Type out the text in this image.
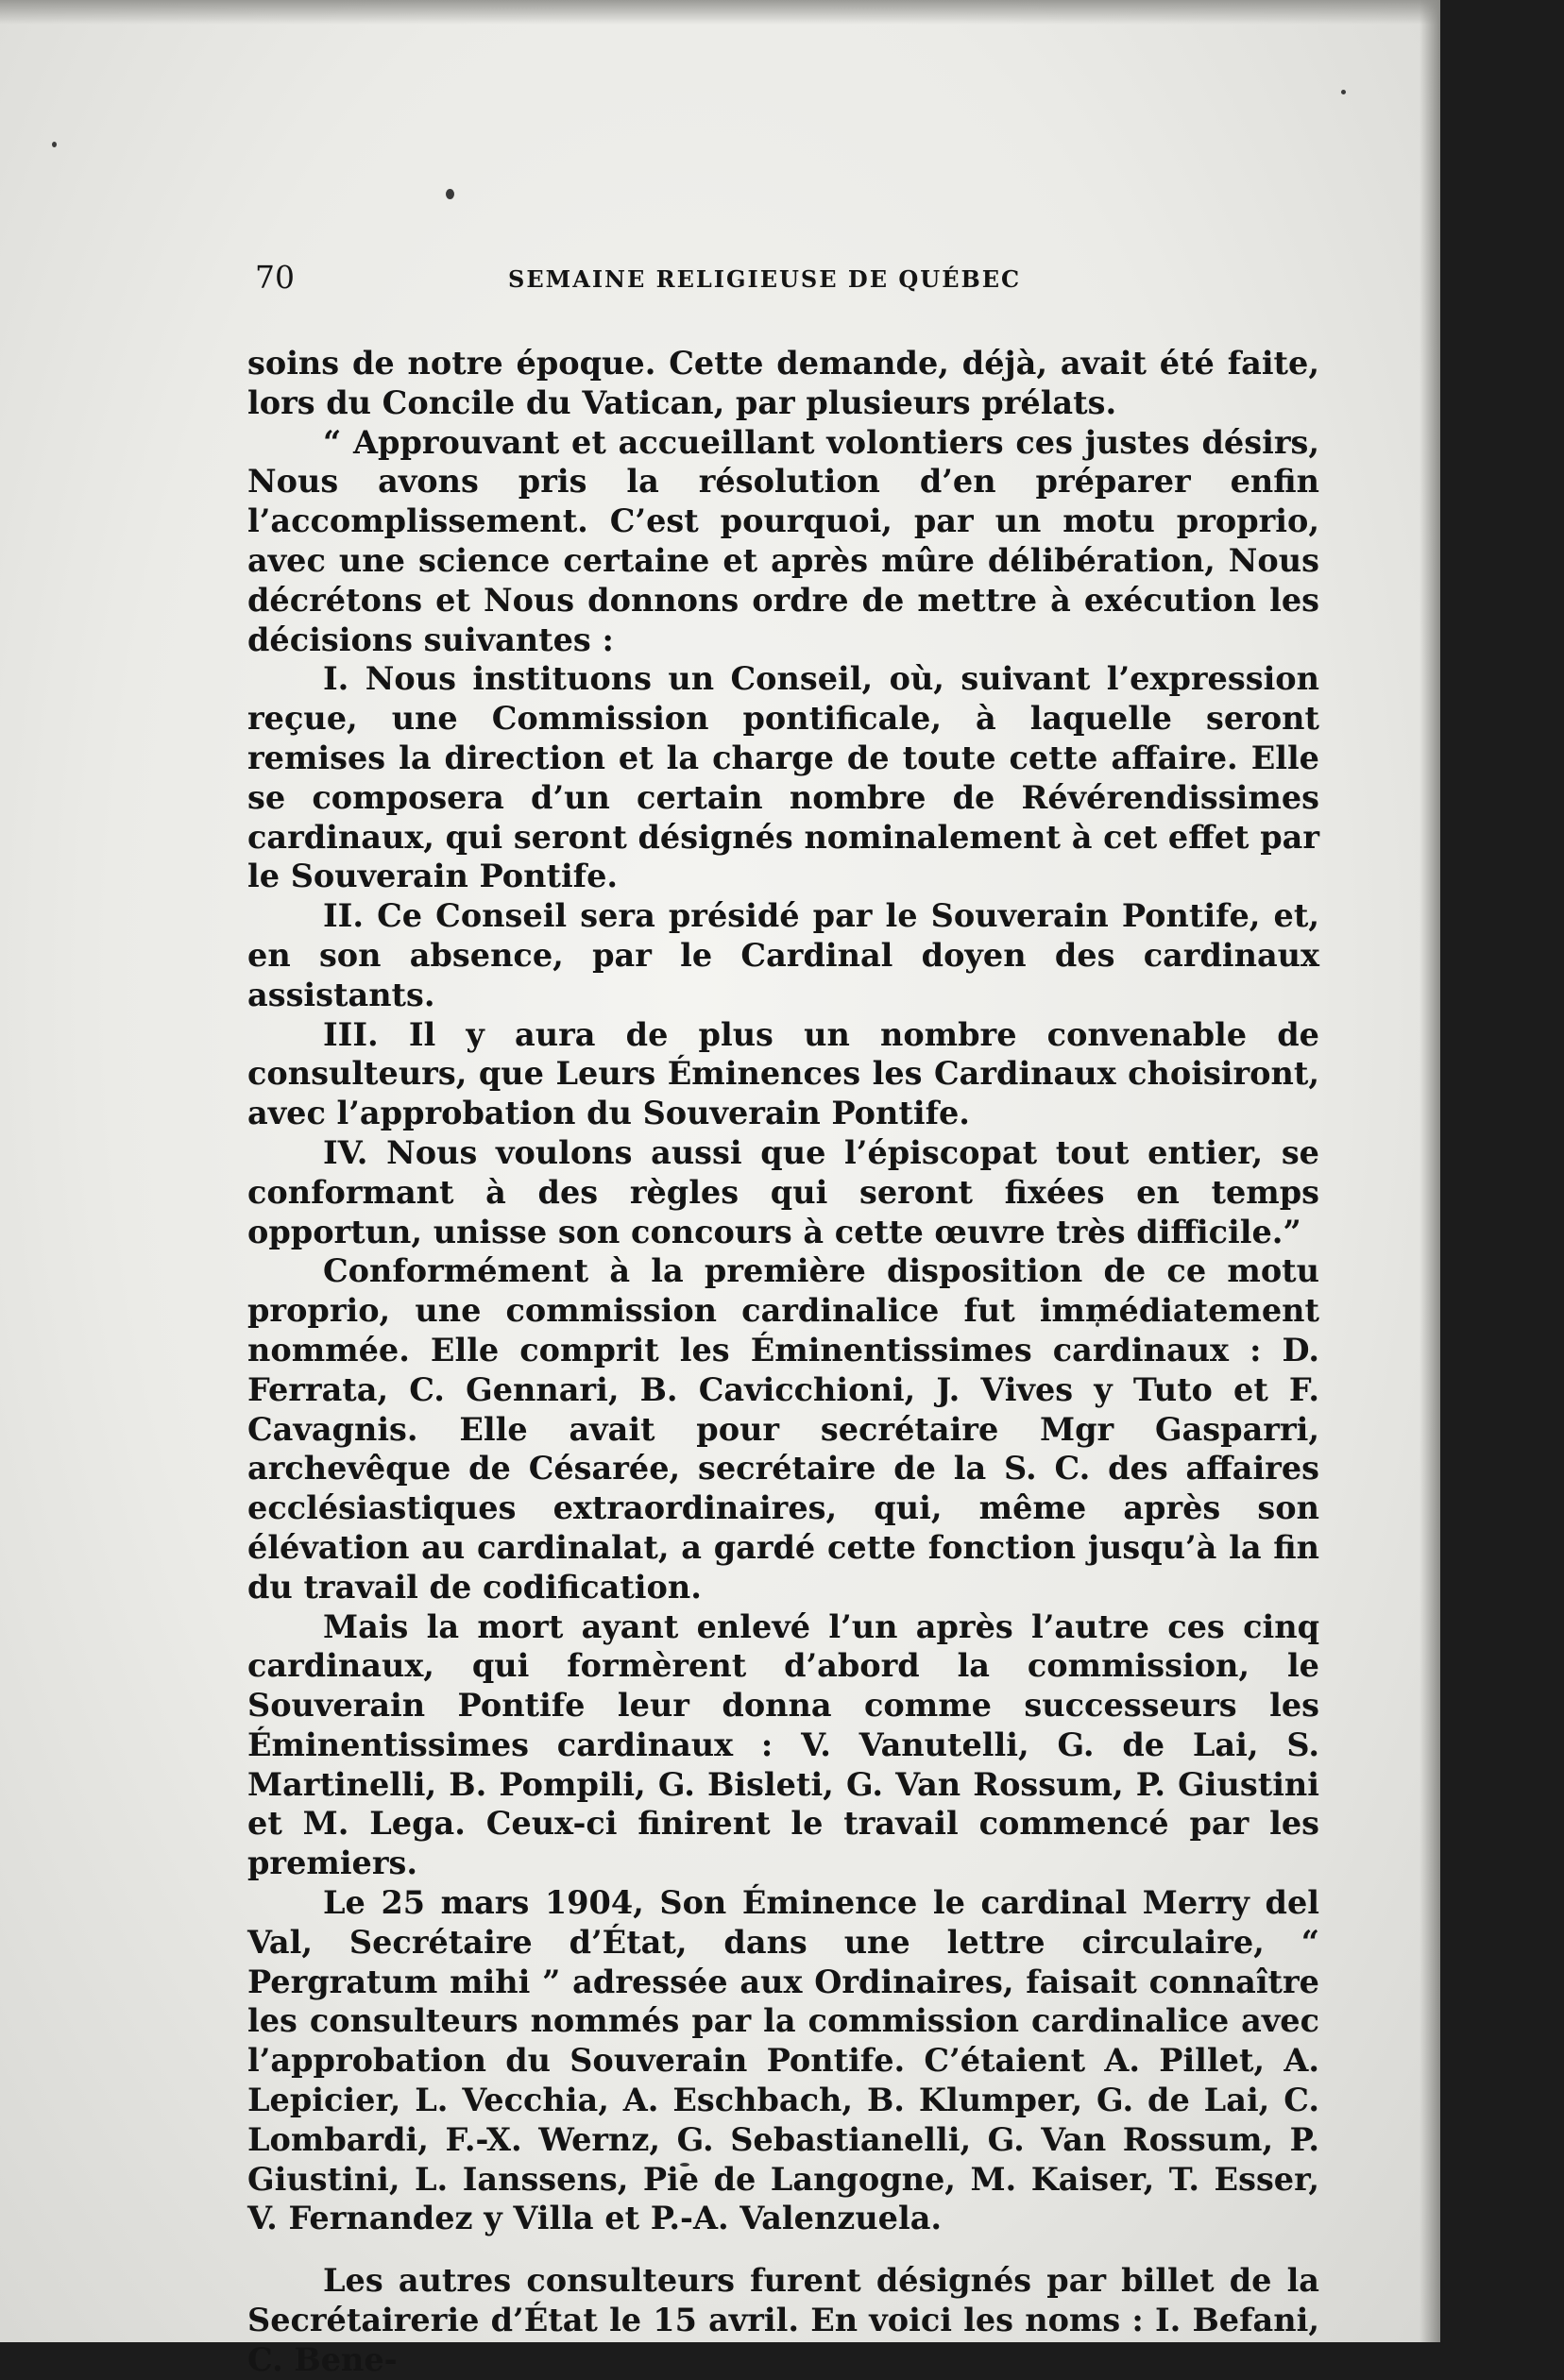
70	SEMAINE RELIGIEUSE DE QUÉBEC

soins de notre époque. Cette demande, déjà, avait été faite, lors du Concile du Vatican, par plusieurs prélats.

“ Approuvant et accueillant volontiers ces justes désirs, Nous avons pris la résolution d’en préparer enfin l’accomplissement. C’est pourquoi, par un motu proprio, avec une science certaine et après mûre délibération, Nous décrétons et Nous donnons ordre de mettre à exécution les décisions suivantes :

I. Nous instituons un Conseil, où, suivant l’expression reçue, une Commission pontificale, à laquelle seront remises la direction et la charge de toute cette affaire. Elle se composera d’un certain nombre de Révérendissimes cardinaux, qui seront désignés nominalement à cet effet par le Souverain Pontife.

II. Ce Conseil sera présidé par le Souverain Pontife, et, en son absence, par le Cardinal doyen des cardinaux assistants.

III. Il y aura de plus un nombre convenable de consulteurs, que Leurs Éminences les Cardinaux choisiront, avec l’approbation du Souverain Pontife.

IV. Nous voulons aussi que l’épiscopat tout entier, se conformant à des règles qui seront fixées en temps opportun, unisse son concours à cette œuvre très difficile.”

Conformément à la première disposition de ce motu proprio, une commission cardinalice fut immédiatement nommée. Elle comprit les Éminentissimes cardinaux : D. Ferrata, C. Gennari, B. Cavicchioni, J. Vives y Tuto et F. Cavagnis. Elle avait pour secrétaire Mgr Gasparri, archevêque de Césarée, secrétaire de la S. C. des affaires ecclésiastiques extraordinaires, qui, même après son élévation au cardinalat, a gardé cette fonction jusqu’à la fin du travail de codification.

Mais la mort ayant enlevé l’un après l’autre ces cinq cardinaux, qui formèrent d’abord la commission, le Souverain Pontife leur donna comme successeurs les Éminentissimes cardinaux : V. Vanutelli, G. de Lai, S. Martinelli, B. Pompili, G. Bisleti, G. Van Rossum, P. Giustini et M. Lega. Ceux-ci finirent le travail commencé par les premiers.

Le 25 mars 1904, Son Éminence le cardinal Merry del Val, Secrétaire d’État, dans une lettre circulaire, “ Pergratum mihi ” adressée aux Ordinaires, faisait connaître les consulteurs nommés par la commission cardinalice avec l’approbation du Souverain Pontife. C’étaient A. Pillet, A. Lepicier, L. Vecchia, A. Eschbach, B. Klumper, G. de Lai, C. Lombardi, F.-X. Wernz, G. Sebastianelli, G. Van Rossum, P. Giustini, L. Ianssens, Pie de Langogne, M. Kaiser, T. Esser, V. Fernandez y Villa et P.-A. Valenzuela.

Les autres consulteurs furent désignés par billet de la Secrétairerie d’État le 15 avril. En voici les noms : I. Befani, C. Bene-
